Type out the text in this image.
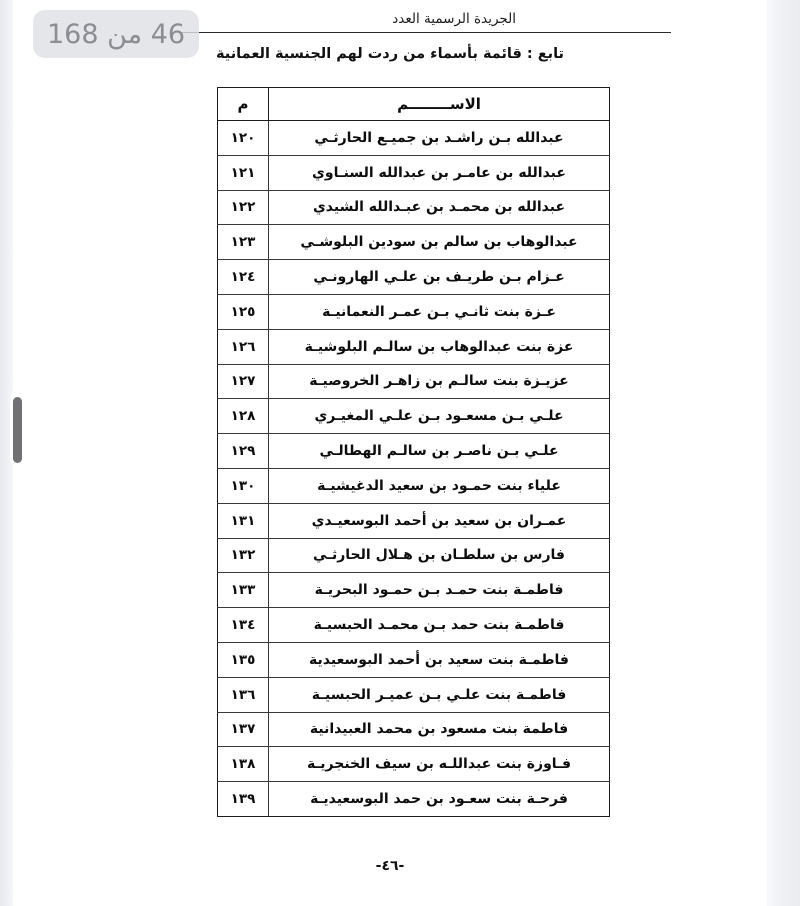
الجريدة الرسمية العدد
تابع : قائمة بأسماء من ردت لهم الجنسية العمانية
الاســــــــم	م
عبدالله بـن راشـد بن جميـع الحارثـي	١٢٠
عبدالله بن عامـر بن عبدالله السنـاوي	١٢١
عبدالله بن محمـد بن عبـدالله الشيدي	١٢٢
عبدالوهاب بن سالم بن سودين البلوشـي	١٢٣
عـزام بـن طريـف بن علـي الهارونـي	١٢٤
عـزة بنت ثانـي بـن عمـر النعمانيـة	١٢٥
عزة بنت عبدالوهاب بن سالـم البلوشيـة	١٢٦
عزيـزة بنت سالـم بن زاهـر الخروصيـة	١٢٧
علـي بـن مسعـود بـن علـي المغيـري	١٢٨
علـي بـن ناصـر بن سالـم الهطالـي	١٢٩
علياء بنت حمـود بن سعيد الدغيشيـة	١٣٠
عمـران بن سعيد بن أحمد البوسعيـدي	١٣١
فارس بن سلطـان بن هـلال الحارثـي	١٣٢
فاطمـة بنت حمـد بـن حمـود البحريـة	١٣٣
فاطمـة بنت حمد بـن محمـد الحبسيـة	١٣٤
فاطمـة بنت سعيد بن أحمد البوسعيدية	١٣٥
فاطمـة بنت علـي بـن عميـر الحبسيـة	١٣٦
فاطمة بنت مسعود بن محمد العبيدانية	١٣٧
فـاوزة بنت عبداللـه بن سيف الخنجريـة	١٣٨
فرحـة بنت سعـود بن حمد البوسعيديـة	١٣٩
-٤٦-
46 من 168
